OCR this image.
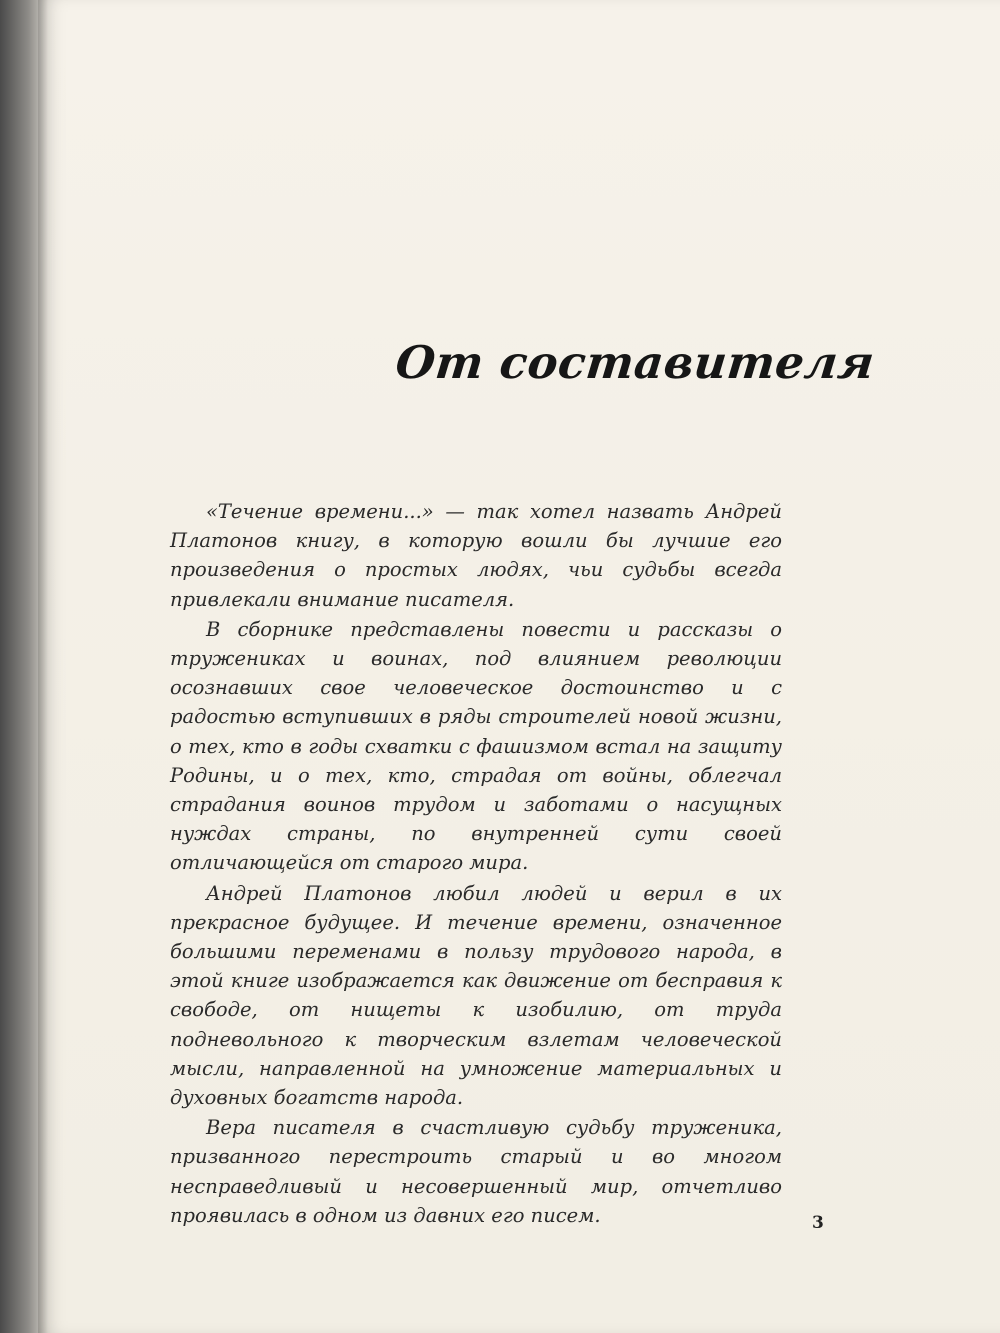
От составителя

«Течение времени...» — так хотел назвать Андрей Платонов книгу, в которую вошли бы лучшие его произведения о простых людях, чьи судьбы всегда привлекали внимание писателя.

В сборнике представлены повести и рассказы о тружениках и воинах, под влиянием революции осознавших свое человеческое достоинство и с радостью вступивших в ряды строителей новой жизни, о тех, кто в годы схватки с фашизмом встал на защиту Родины, и о тех, кто, страдая от войны, облегчал страдания воинов трудом и заботами о насущных нуждах страны, по внутренней сути своей отличающейся от старого мира.

Андрей Платонов любил людей и верил в их прекрасное будущее. И течение времени, означенное большими переменами в пользу трудового народа, в этой книге изображается как движение от бесправия к свободе, от нищеты к изобилию, от труда подневольного к творческим взлетам человеческой мысли, направленной на умножение материальных и духовных богатств народа.

Вера писателя в счастливую судьбу труженика, призванного перестроить старый и во многом несправедливый и несовершенный мир, отчетливо проявилась в одном из давних его писем.	3
